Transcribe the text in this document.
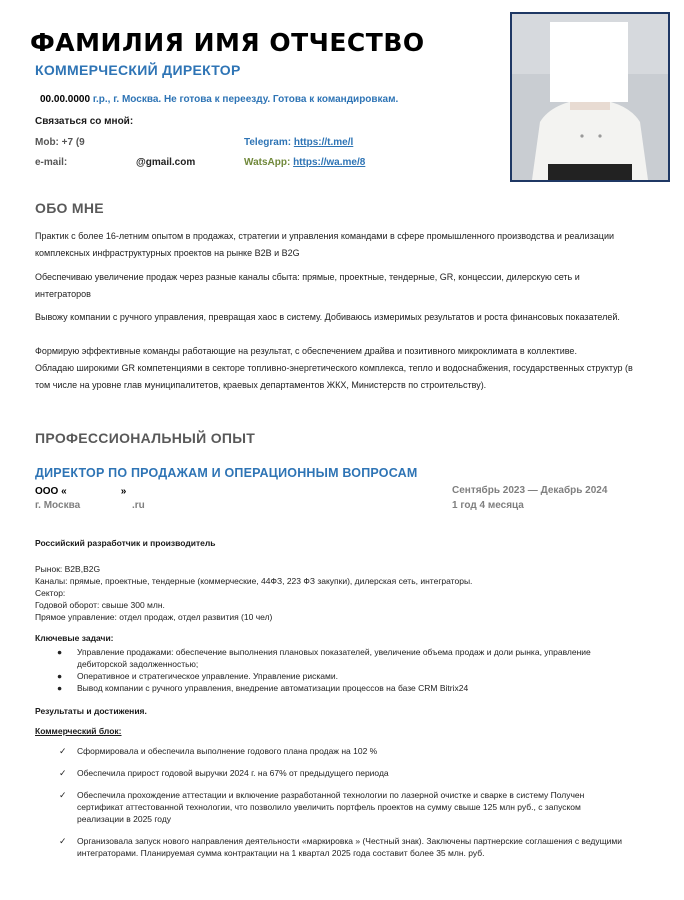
ФАМИЛИЯ ИМЯ ОТЧЕСТВО
КОММЕРЧЕСКИЙ ДИРЕКТОР
00.00.0000 г.р., г. Москва. Не готова к переезду. Готова к командировкам.
Связаться со мной:
Mob: +7 (9
e-mail:	@gmail.com
Telegram: https://t.me/l
WatsApp: https://wa.me/8
ОБО МНЕ
Практик с более 16-летним опытом в продажах, стратегии и управления командами в сфере промышленного производства и реализации комплексных инфраструктурных проектов на рынке B2B и B2G
Обеспечиваю увеличение продаж через разные каналы сбыта: прямые, проектные, тендерные, GR, концессии, дилерскую сеть и интеграторов
Вывожу компании с ручного управления, превращая хаос в систему. Добиваюсь измеримых результатов и роста финансовых показателей.
Формирую эффективные команды работающие на результат, с обеспечением драйва и позитивного микроклимата в коллективе.
Обладаю широкими GR компетенциями в секторе топливно-энергетического комплекса, тепло и водоснабжения, государственных структур (в том числе на уровне глав муниципалитетов, краевых департаментов ЖКХ, Министерств по строительству).
ПРОФЕССИОНАЛЬНЫЙ ОПЫТ
ДИРЕКТОР ПО ПРОДАЖАМ И ОПЕРАЦИОННЫМ ВОПРОСАМ
ООО «	»
г. Москва	.ru
Сентябрь 2023 — Декабрь 2024
1 год 4 месяца
Российский разработчик и производитель
Рынок: B2B,B2G
Каналы: прямые, проектные, тендерные (коммерческие, 44ФЗ, 223 ФЗ закупки), дилерская сеть, интеграторы.
Сектор:
Годовой оборот: свыше 300 млн.
Прямое управление: отдел продаж, отдел развития (10 чел)
Ключевые задачи:
● Управление продажами: обеспечение выполнения плановых показателей, увеличение объема продаж и доли рынка, управление дебиторской задолженностью;
● Оперативное и стратегическое управление. Управление рисками.
● Вывод компании с ручного управления, внедрение автоматизации процессов на базе CRM Bitrix24
Результаты и достижения.
Коммерческий блок:
✓ Сформировала и обеспечила выполнение годового плана продаж на 102 %
✓ Обеспечила прирост годовой выручки 2024 г. на 67% от предыдущего периода
✓ Обеспечила прохождение аттестации и включение разработанной технологии по лазерной очистке и сварке в систему Получен сертификат аттестованной технологии, что позволило увеличить портфель проектов на сумму свыше 125 млн руб., с запуском реализации в 2025 году
✓ Организовала запуск нового направления деятельности «маркировка » (Честный знак). Заключены партнерские соглашения с ведущими интеграторами. Планируемая сумма контрактации на 1 квартал 2025 года составит более 35 млн. руб.
